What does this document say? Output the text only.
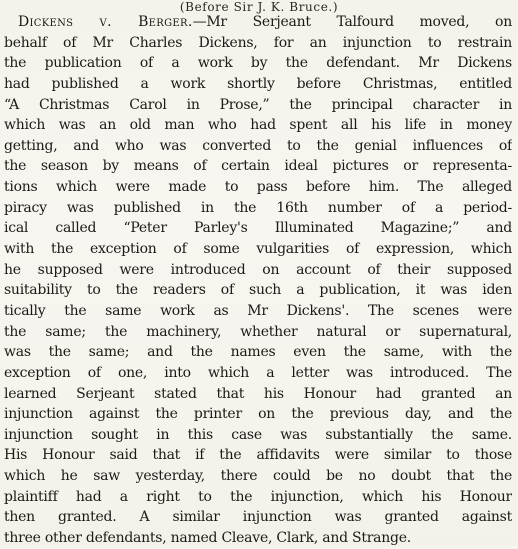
(Before Sir J. K. Bruce.)
Dickens v. Berger.—Mr Serjeant Talfourd moved, on
behalf of Mr Charles Dickens, for an injunction to restrain
the publication of a work by the defendant. Mr Dickens
had published a work shortly before Christmas, entitled
“A Christmas Carol in Prose,” the principal character in
which was an old man who had spent all his life in money
getting, and who was converted to the genial influences of
the season by means of certain ideal pictures or representa-
tions which were made to pass before him. The alleged
piracy was published in the 16th number of a period-
ical called “Peter Parley's Illuminated Magazine;” and
with the exception of some vulgarities of expression, which
he supposed were introduced on account of their supposed
suitability to the readers of such a publication, it was iden
tically the same work as Mr Dickens'. The scenes were
the same; the machinery, whether natural or supernatural,
was the same; and the names even the same, with the
exception of one, into which a letter was introduced. The
learned Serjeant stated that his Honour had granted an
injunction against the printer on the previous day, and the
injunction sought in this case was substantially the same.
His Honour said that if the affidavits were similar to those
which he saw yesterday, there could be no doubt that the
plaintiff had a right to the injunction, which his Honour
then granted. A similar injunction was granted against
three other defendants, named Cleave, Clark, and Strange.
